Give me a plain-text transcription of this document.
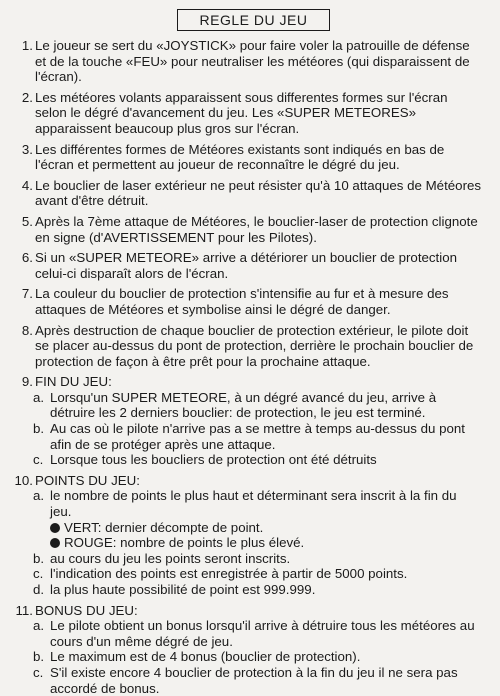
REGLE DU JEU
1. Le joueur se sert du «JOYSTICK» pour faire voler la patrouille de défense et de la touche «FEU» pour neutraliser les météores (qui disparaissent de l'écran).
2. Les météores volants apparaissent sous differentes formes sur l'écran selon le dégré d'avancement du jeu. Les «SUPER METEORES» apparaissent beaucoup plus gros sur l'écran.
3. Les différentes formes de Météores existants sont indiqués en bas de l'écran et permettent au joueur de reconnaître le dégré du jeu.
4. Le bouclier de laser extérieur ne peut résister qu'à 10 attaques de Météores avant d'être détruit.
5. Après la 7ème attaque de Météores, le bouclier-laser de protection clignote en signe (d'AVERTISSEMENT pour les Pilotes).
6. Si un «SUPER METEORE» arrive a détériorer un bouclier de protection celui-ci disparaît alors de l'écran.
7. La couleur du bouclier de protection s'intensifie au fur et à mesure des attaques de Météores et symbolise ainsi le dégré de danger.
8. Après destruction de chaque bouclier de protection extérieur, le pilote doit se placer au-dessus du pont de protection, derrière le prochain bouclier de protection de façon à être prêt pour la prochaine attaque.
9. FIN DU JEU:
a. Lorsqu'un SUPER METEORE, à un dégré avancé du jeu, arrive à détruire les 2 derniers bouclier: de protection, le jeu est terminé.
b. Au cas où le pilote n'arrive pas a se mettre à temps au-dessus du pont afin de se protéger après une attaque.
c. Lorsque tous les boucliers de protection ont été détruits
10. POINTS DU JEU:
a. le nombre de points le plus haut et déterminant sera inscrit à la fin du jeu.
VERT: dernier décompte de point.
ROUGE: nombre de points le plus élevé.
b. au cours du jeu les points seront inscrits.
c. l'indication des points est enregistrée à partir de 5000 points.
d. la plus haute possibilité de point est 999.999.
11. BONUS DU JEU:
a. Le pilote obtient un bonus lorsqu'il arrive à détruire tous les météores au cours d'un même dégré de jeu.
b. Le maximum est de 4 bonus (bouclier de protection).
c. S'il existe encore 4 bouclier de protection à la fin du jeu il ne sera pas accordé de bonus.
